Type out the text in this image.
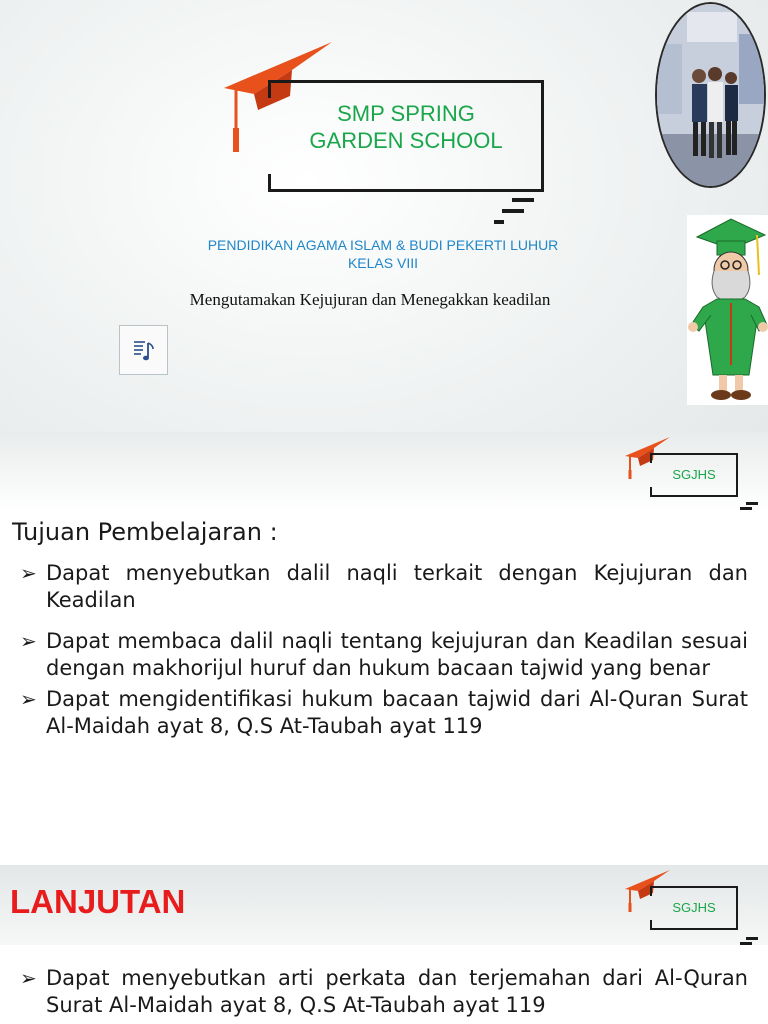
SMP SPRING
GARDEN SCHOOL
PENDIDIKAN AGAMA ISLAM & BUDI PEKERTI LUHUR
KELAS VIII
Mengutamakan Kejujuran dan Menegakkan keadilan
SGJHS
Tujuan Pembelajaran :
➢ Dapat menyebutkan dalil naqli terkait dengan Kejujuran dan Keadilan
➢ Dapat membaca dalil naqli tentang kejujuran dan Keadilan sesuai dengan makhorijul huruf dan hukum bacaan tajwid yang benar
➢ Dapat mengidentifikasi hukum bacaan tajwid dari Al-Quran Surat Al-Maidah ayat 8, Q.S At-Taubah ayat 119
LANJUTAN	SGJHS
➢ Dapat menyebutkan arti perkata dan terjemahan dari Al-Quran Surat Al-Maidah ayat 8, Q.S At-Taubah ayat 119
